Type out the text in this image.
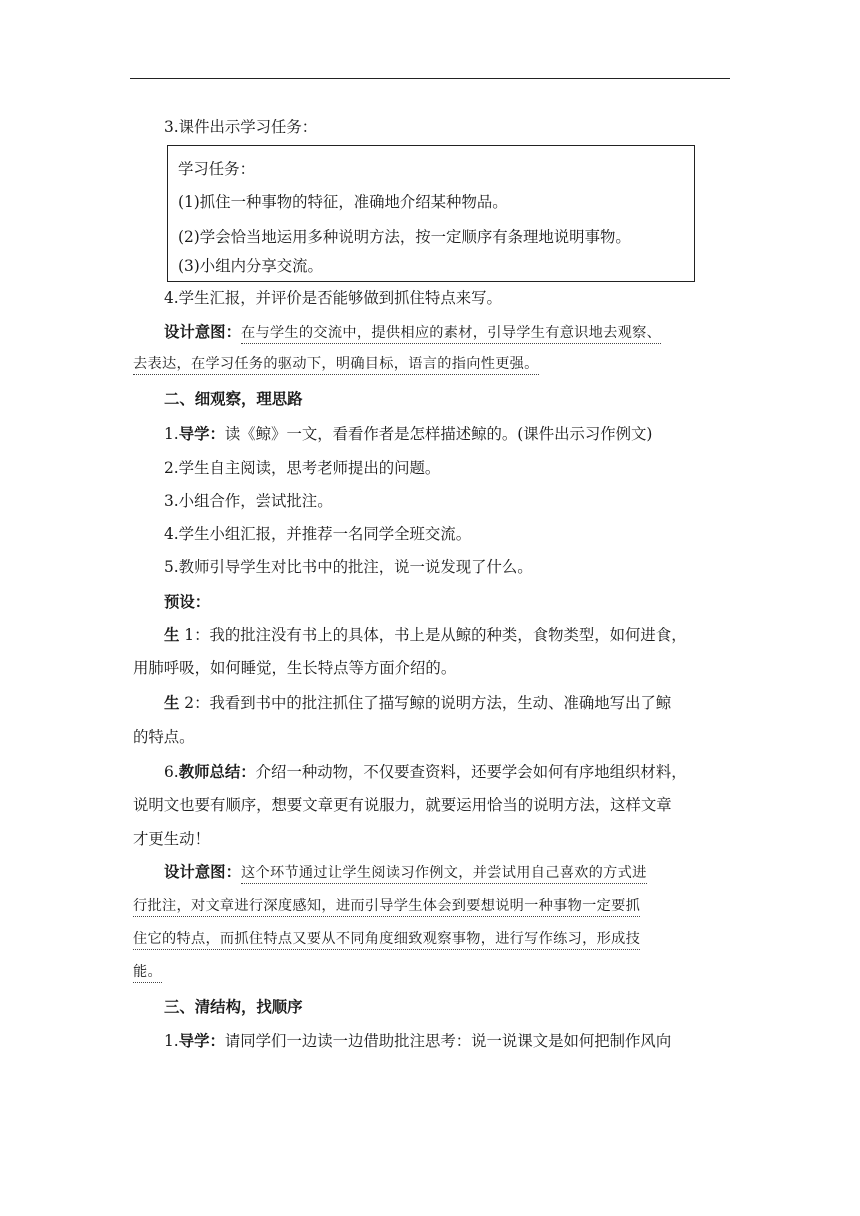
3.课件出示学习任务：
学习任务：
(1)抓住一种事物的特征，准确地介绍某种物品。
(2)学会恰当地运用多种说明方法，按一定顺序有条理地说明事物。
(3)小组内分享交流。
4.学生汇报，并评价是否能够做到抓住特点来写。
设计意图：在与学生的交流中，提供相应的素材，引导学生有意识地去观察、
去表达，在学习任务的驱动下，明确目标，语言的指向性更强。
二、细观察，理思路
1.导学：读《鲸》一文，看看作者是怎样描述鲸的。(课件出示习作例文)
2.学生自主阅读，思考老师提出的问题。
3.小组合作，尝试批注。
4.学生小组汇报，并推荐一名同学全班交流。
5.教师引导学生对比书中的批注，说一说发现了什么。
预设：
生 1：我的批注没有书上的具体，书上是从鲸的种类，食物类型，如何进食，
用肺呼吸，如何睡觉，生长特点等方面介绍的。
生 2：我看到书中的批注抓住了描写鲸的说明方法，生动、准确地写出了鲸
的特点。
6.教师总结：介绍一种动物，不仅要查资料，还要学会如何有序地组织材料，
说明文也要有顺序，想要文章更有说服力，就要运用恰当的说明方法，这样文章
才更生动！
设计意图：这个环节通过让学生阅读习作例文，并尝试用自己喜欢的方式进
行批注，对文章进行深度感知，进而引导学生体会到要想说明一种事物一定要抓
住它的特点，而抓住特点又要从不同角度细致观察事物，进行写作练习，形成技
能。
三、清结构，找顺序
1.导学：请同学们一边读一边借助批注思考：说一说课文是如何把制作风向
